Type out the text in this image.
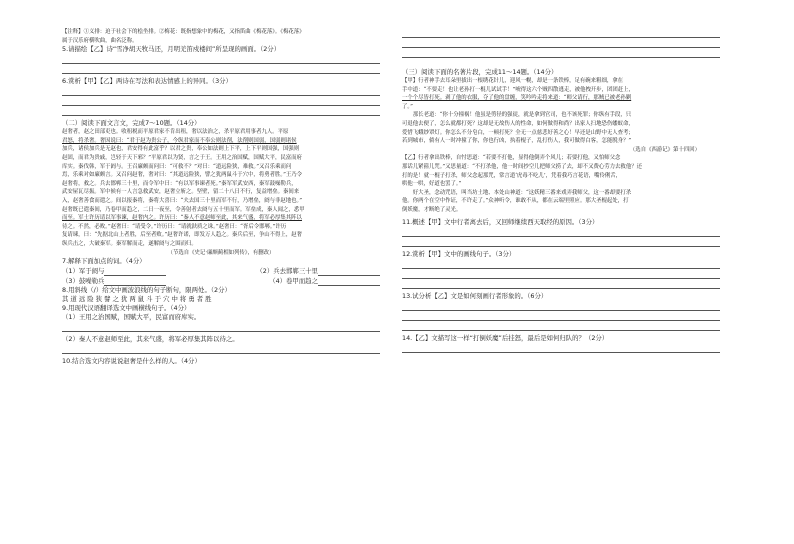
【注释】①义排：迫于社会下的桧坐排。②梅花：既指想象中的梅花，又指笛曲《梅花落》。《梅花落》

属于汉乐府横吹曲，曲名泛称。

5.请描绘【乙】诗“雪净胡天牧马还，月明羌笛戍楼间”所呈现的画面。（2分）

6.赏析【甲】【乙】两诗在写法和表达情感上的异同。（3分）

（二）阅读下面文言文，完成7～10题。（14分）

赵奢者，赵之田部吏也。收租税而平原君家不肯出租，奢以法治之，杀平原君用事者九人。平原

君怒，将杀奢。奢因说曰：“君于赵为贵公子，今纵君家而不奉公则法削，法削则国弱，国弱则诸侯

加兵，诸侯加兵是无赵也，君安得有此富乎？以君之贵，奉公如法则上下平，上下平则国强，国强则

赵固，而君为贵戚，岂轻于天下邪？”平原君以为贤，言之于王。王用之治国赋，国赋大平，民富而府

库实。秦伐韩，军于阏与。王召廉颇而问曰：“可救不？”对曰：“道远险狭，难救。”又召乐乘而问

焉，乐乘对如廉颇言。又召问赵奢，奢对曰：“其道远险狭，譬之犹两鼠斗于穴中，将勇者胜。”王乃令

赵奢将，救之。兵去邯郸三十里，而令军中曰：“有以军事谏者死。”秦军军武安西，秦军鼓噪勒兵，

武安屋瓦尽振。军中候有一人言急救武安，赵奢立斩之。坚壁，留二十八日不行，复益增垒。秦间来

入，赵奢善食而遣之。间以报秦将，秦将大喜曰：“夫去国三十里而军不行，乃增垒，阏与非赵地也。”

赵奢既已遣秦间，乃卷甲而趋之，二日一夜至，令善射者去阏与五十里而军。军垒成，秦人闻之，悉甲

而至。军士许历请以军事谏，赵奢内之。许历曰：“秦人不意赵师至此，其来气盛，将军必厚集其阵以

待之。不然，必败。”赵奢曰：“请受令。”许历曰：“请就鈇质之诛。”赵奢曰：“胥后令邯郸。”许历

复请谏，曰：“先据北山上者胜，后至者败。”赵奢许诺，即发万人趋之。秦兵后至，争山不得上，赵奢

纵兵击之，大破秦军。秦军解而走，遂解阏与之围而归。

（节选自《史记·廉颇蔺相如列传》，有删改）

7.解释下面加点的词。（4分）

（1）军于阏与	（2）兵去邯郸三十里
（3）鼓噪勒兵	（4）卷甲而趋之

8.用斜线（/）给文中画波浪线的句子断句，限两处。（2分）

其 道 远 险 狭 譬 之 犹 两 鼠 斗 于 穴 中 将 勇 者 胜

9.用现代汉语翻译选文中画横线句子。（4分）

（1）王用之治国赋，国赋大平，民富而府库实。

（2）秦人不意赵师至此，其来气盛，将军必厚集其阵以待之。

10.结合选文内容说说赵奢是什么样的人。（4分）

（三）阅读下面的名著片段，完成11～14题。（14分）

【甲】行者神手去耳朵里拔出一根绣花针儿，迎风一幌，却是一条铁棒，足有碗来粗细，拿在

手中道：“不要走！也让老孙打一棍儿试试手！”唬得这六个贼四散逃走，被他拽开步，团团赶上，

一个个尽皆打死。剥了他的衣服，夺了他的盘缠，笑吟吟走将来道：“师父请行，那贼已被老孙剿

了。”

　　那长老道：“你十分撞祸！他虽是剪径的强徒，就是拿到官司，也不该死罪；你纵有手段，只

可退他去便了，怎么就都打死？这却是无故伤人的性命，如何做得和尚？出家人扫地恐伤蝼蚁命，

爱惜飞蛾纱罩灯。你怎么不分皂白，一顿打死？全无一点慈悲好善之心！早还是山野中无人查考；

若到城市，倘有人一时冲撞了你，你也行凶，执着棍子，乱打伤人，我可做得白客，怎能脱身？”

（选自《西游记》第十四回）

【乙】行者拿出铁棒，自忖思道：“若要不打他，显得他倒弄个风儿；若要打他，又怕师父念

那话儿紧箍儿咒。”又思量道：“不打杀他，他一时间抄空儿把师父捞了去，却不又费心劳力去救他？还

打的是！就一棍子打杀，师父念起那咒，常言道‘虎毒不吃儿’，凭着我巧言花语，嘴伶俐舌，

哄他一哄，好道也罢了。”

　　好大圣，念动咒语，叫当坊土地、本处山神道：“这妖精三番来戏弄我师父，这一番却要打杀

他。你两个在空中作证，不许走了。”众神听令，谁敢不从，都在云端里照应。那大圣棍起处，打

倒妖魔，才断绝了灵光。

11.概述【甲】文中行者离去后，又回师继续西天取经的原因。（3分）

12.赏析【甲】文中的画线句子。（3分）

13.试分析【乙】文是如何刻画行者形象的。（6分）

14.【乙】文描写这一样“打倒妖魔”后挂怒，最后是如何归队的？（2分）
